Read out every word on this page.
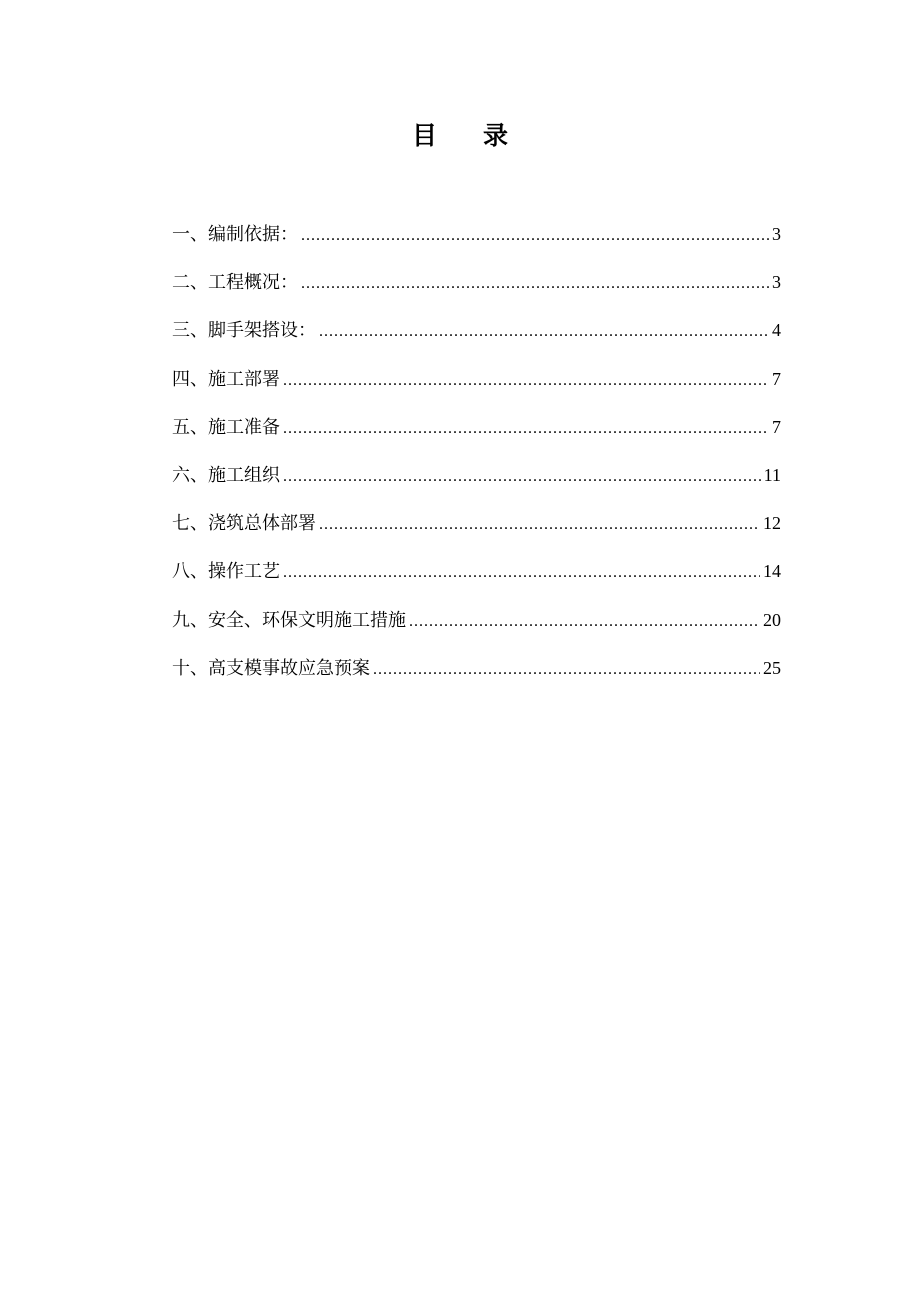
目 录
一、编制依据： .....	3
二、工程概况： .....	3
三、脚手架搭设： .....	4
四、施工部署 .....	7
五、施工准备 .....	7
六、施工组织 .....	11
七、浇筑总体部署 .....	12
八、操作工艺 .....	14
九、安全、环保文明施工措施 .....	20
十、高支模事故应急预案 .....	25
